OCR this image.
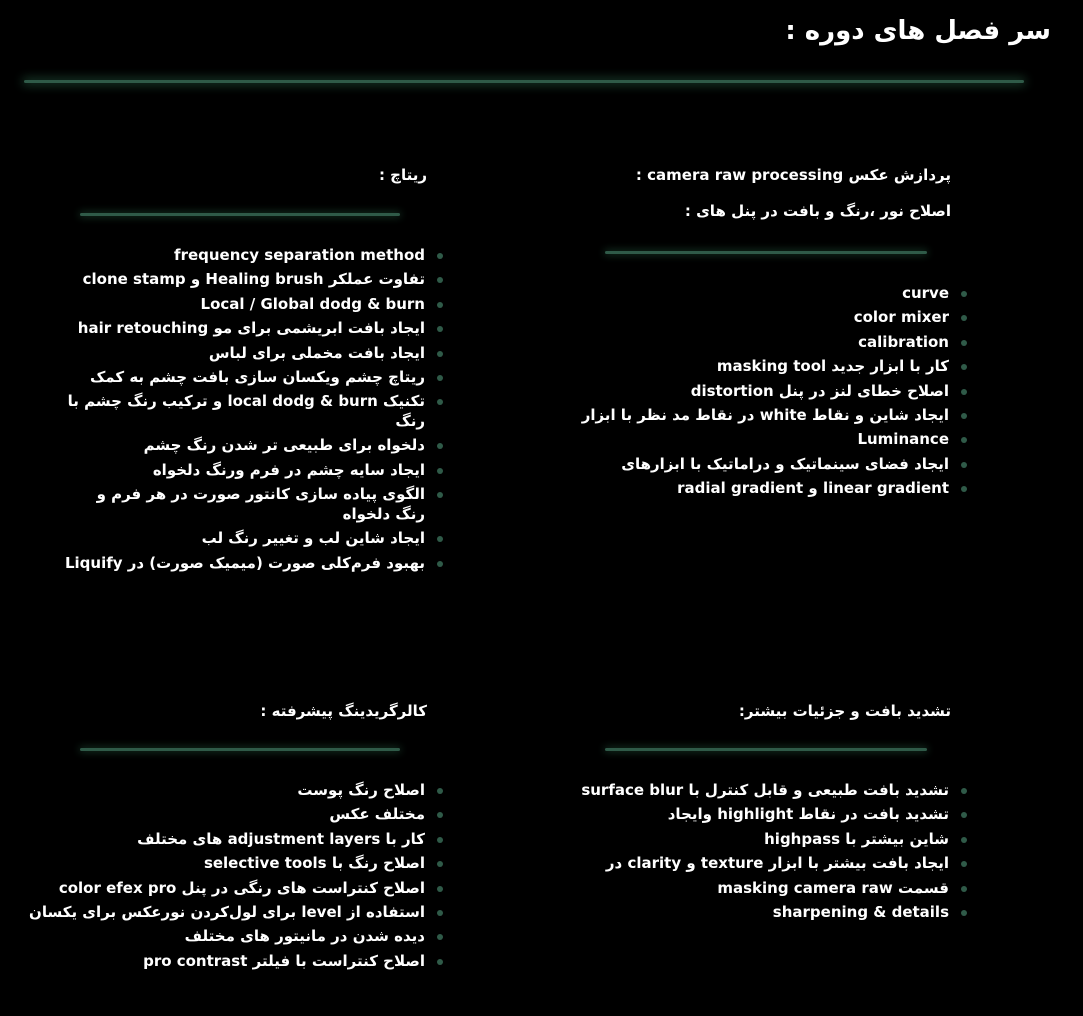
سر فصل های دوره :
پردازش عکس camera raw processing :
اصلاح نور ،رنگ و بافت در پنل های :
curve
color mixer
calibration
کار با ابزار جدید masking tool
اصلاح خطای لنز در پنل distortion
ایجاد شاین و نقاط white در نقاط مد نظر با ابزار
Luminance
ایجاد فضای سینماتیک و دراماتیک با ابزارهای
linear gradient و radial gradient
ریتاچ :
frequency separation method
تفاوت عملکر Healing brush و clone stamp
Local / Global dodg & burn
ایجاد بافت ابریشمی برای مو hair retouching
ایجاد بافت مخملی برای لباس
ریتاچ چشم ویکسان سازی بافت چشم به کمک
تکنیک local dodg & burn و ترکیب رنگ چشم با رنگ
دلخواه برای طبیعی تر شدن رنگ چشم
ایجاد سایه چشم در فرم ورنگ دلخواه
الگوی پیاده سازی کانتور صورت در هر فرم و رنگ دلخواه
ایجاد شاین لب و تغییر رنگ لب
بهبود فرم‌کلی صورت (میمیک صورت) در Liquify
تشدید بافت و جزئیات بیشتر:
تشدید بافت طبیعی و قابل کنترل با surface blur
تشدید بافت در نقاط highlight وایجاد
شاین بیشتر با highpass
ایجاد بافت بیشتر با ابزار texture و clarity در
قسمت masking camera raw
sharpening & details
کالرگریدینگ پیشرفته :
اصلاح رنگ پوست
مختلف عکس
کار با adjustment layers های مختلف
اصلاح رنگ با selective tools
اصلاح کنتراست های رنگی در پنل color efex pro
استفاده از level برای لول‌کردن نورعکس برای یکسان
دیده شدن در مانیتور های مختلف
اصلاح کنتراست با فیلتر pro contrast
